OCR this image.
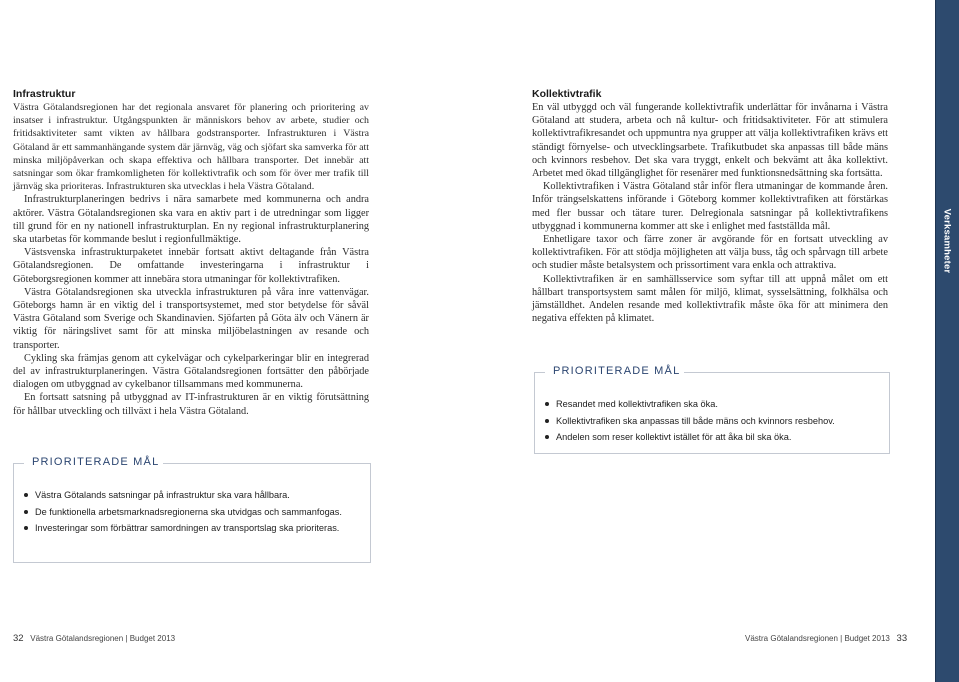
Infrastruktur

Västra Götalandsregionen har det regionala ansvaret för planering och prioritering av insatser i infrastruktur. Utgångspunkten är människors behov av arbete, studier och fritidsaktiviteter samt vikten av hållbara godstransporter. Infrastrukturen i Västra Götaland är ett sammanhängande system där järnväg, väg och sjöfart ska samverka för att minska miljöpåverkan och skapa effektiva och hållbara transporter. Det innebär att satsningar som ökar framkomligheten för kollektivtrafik och som för över mer trafik till järnväg ska prioriteras. Infrastrukturen ska utvecklas i hela Västra Götaland.

Infrastrukturplaneringen bedrivs i nära samarbete med kommunerna och andra aktörer. Västra Götalandsregionen ska vara en aktiv part i de utredningar som ligger till grund för en ny nationell infrastrukturplan. En ny regional infrastrukturplanering ska utarbetas för kommande beslut i regionfullmäktige.

Västsvenska infrastrukturpaketet innebär fortsatt aktivt deltagande från Västra Götalandsregionen. De omfattande investeringarna i infrastruktur i Göteborgsregionen kommer att innebära stora utmaningar för kollektivtrafiken.

Västra Götalandsregionen ska utveckla infrastrukturen på våra inre vattenvägar. Göteborgs hamn är en viktig del i transportsystemet, med stor betydelse för såväl Västra Götaland som Sverige och Skandinavien. Sjöfarten på Göta älv och Vänern är viktig för näringslivet samt för att minska miljöbelastningen av resande och transporter.

Cykling ska främjas genom att cykelvägar och cykelparkeringar blir en integrerad del av infrastrukturplaneringen. Västra Götalandsregionen fortsätter den påbörjade dialogen om utbyggnad av cykelbanor tillsammans med kommunerna.

En fortsatt satsning på utbyggnad av IT-infrastrukturen är en viktig förutsättning för hållbar utveckling och tillväxt i hela Västra Götaland.

Kollektivtrafik

En väl utbyggd och väl fungerande kollektivtrafik underlättar för invånarna i Västra Götaland att studera, arbeta och nå kultur- och fritidsaktiviteter. För att stimulera kollektivtrafikresandet och uppmuntra nya grupper att välja kollektivtrafiken krävs ett ständigt förnyelse- och utvecklingsarbete. Trafikutbudet ska anpassas till både mäns och kvinnors resbehov. Det ska vara tryggt, enkelt och bekvämt att åka kollektivt. Arbetet med ökad tillgänglighet för resenärer med funktionsnedsättning ska fortsätta.

Kollektivtrafiken i Västra Götaland står inför flera utmaningar de kommande åren. Inför trängselskattens införande i Göteborg kommer kollektivtrafiken att förstärkas med fler bussar och tätare turer. Delregionala satsningar på kollektivtrafikens utbyggnad i kommunerna kommer att ske i enlighet med fastställda mål.

Enhetligare taxor och färre zoner är avgörande för en fortsatt utveckling av kollektivtrafiken. För att stödja möjligheten att välja buss, tåg och spårvagn till arbete och studier måste betalsystem och prissortiment vara enkla och attraktiva.

Kollektivtrafiken är en samhällsservice som syftar till att uppnå målet om ett hållbart transportsystem samt målen för miljö, klimat, sysselsättning, folkhälsa och jämställdhet. Andelen resande med kollektivtrafik måste öka för att minimera den negativa effekten på klimatet.

PRIORITERADE MÅL
Resandet med kollektivtrafiken ska öka.
Kollektivtrafiken ska anpassas till både mäns och kvinnors resbehov.
Andelen som reser kollektivt istället för att åka bil ska öka.
PRIORITERADE MÅL
Västra Götalands satsningar på infrastruktur ska vara hållbara.
De funktionella arbetsmarknadsregionerna ska utvidgas och sammanfogas.
Investeringar som förbättrar samordningen av transportslag ska prioriteras.
32 Västra Götalandsregionen | Budget 2013	Västra Götalandsregionen | Budget 2013 33
Verksamheter
